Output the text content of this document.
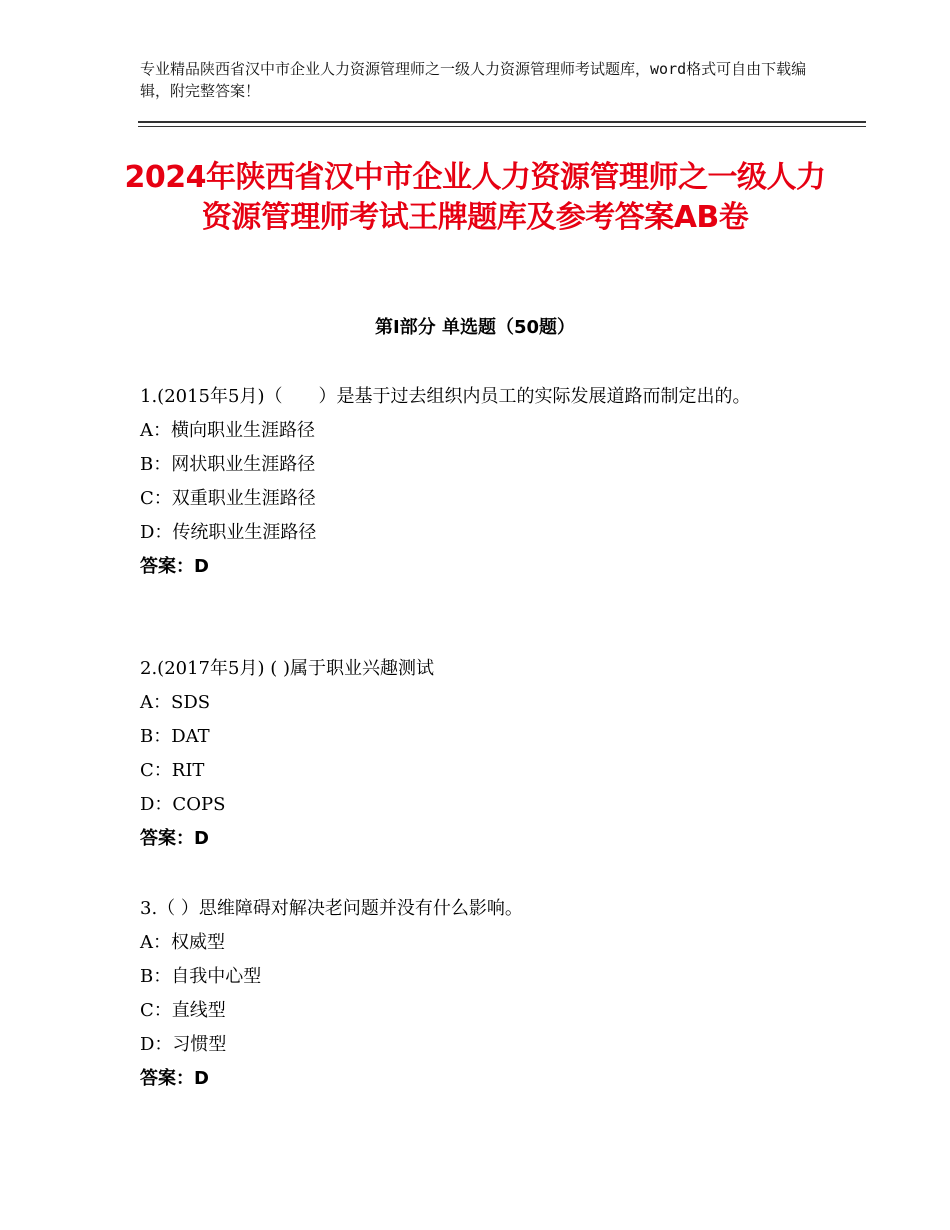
专业精品陕西省汉中市企业人力资源管理师之一级人力资源管理师考试题库，word格式可自由下载编辑，附完整答案！
2024年陕西省汉中市企业人力资源管理师之一级人力资源管理师考试王牌题库及参考答案AB卷
第Ⅰ部分 单选题（50题）

1.(2015年5月)（　　）是基于过去组织内员工的实际发展道路而制定出的。

A：横向职业生涯路径

B：网状职业生涯路径

C：双重职业生涯路径

D：传统职业生涯路径

答案：D

2.(2017年5月) ( )属于职业兴趣测试

A：SDS

B：DAT

C：RIT

D：COPS

答案：D

3.（ ）思维障碍对解决老问题并没有什么影响。

A：权威型

B：自我中心型

C：直线型

D：习惯型

答案：D
